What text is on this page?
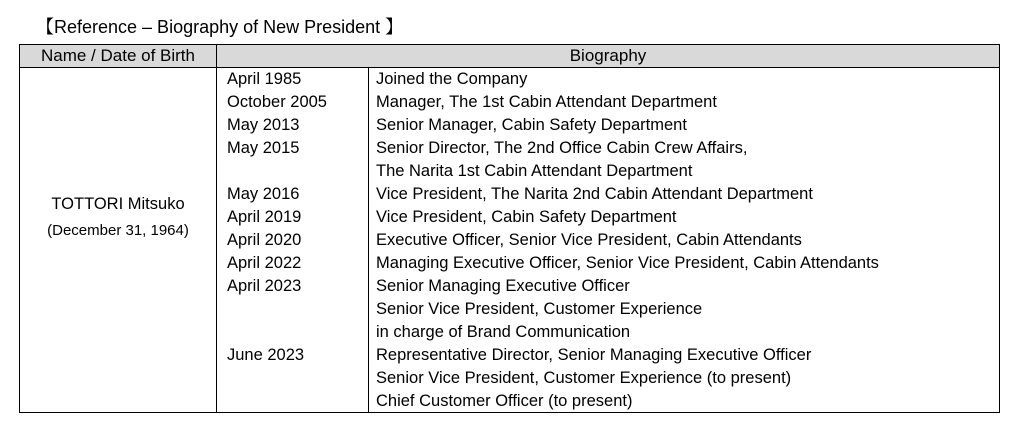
【Reference – Biography of New President 】
Name / Date of Birth	Biography
TOTTORI Mitsuko
(December 31, 1964)
April 1985	Joined the Company
October 2005	Manager, The 1st Cabin Attendant Department
May 2013	Senior Manager, Cabin Safety Department
May 2015	Senior Director, The 2nd Office Cabin Crew Affairs,
The Narita 1st Cabin Attendant Department
May 2016	Vice President, The Narita 2nd Cabin Attendant Department
April 2019	Vice President, Cabin Safety Department
April 2020	Executive Officer, Senior Vice President, Cabin Attendants
April 2022	Managing Executive Officer, Senior Vice President, Cabin Attendants
April 2023	Senior Managing Executive Officer
Senior Vice President, Customer Experience
in charge of Brand Communication
June 2023	Representative Director, Senior Managing Executive Officer
Senior Vice President, Customer Experience (to present)
Chief Customer Officer (to present)
